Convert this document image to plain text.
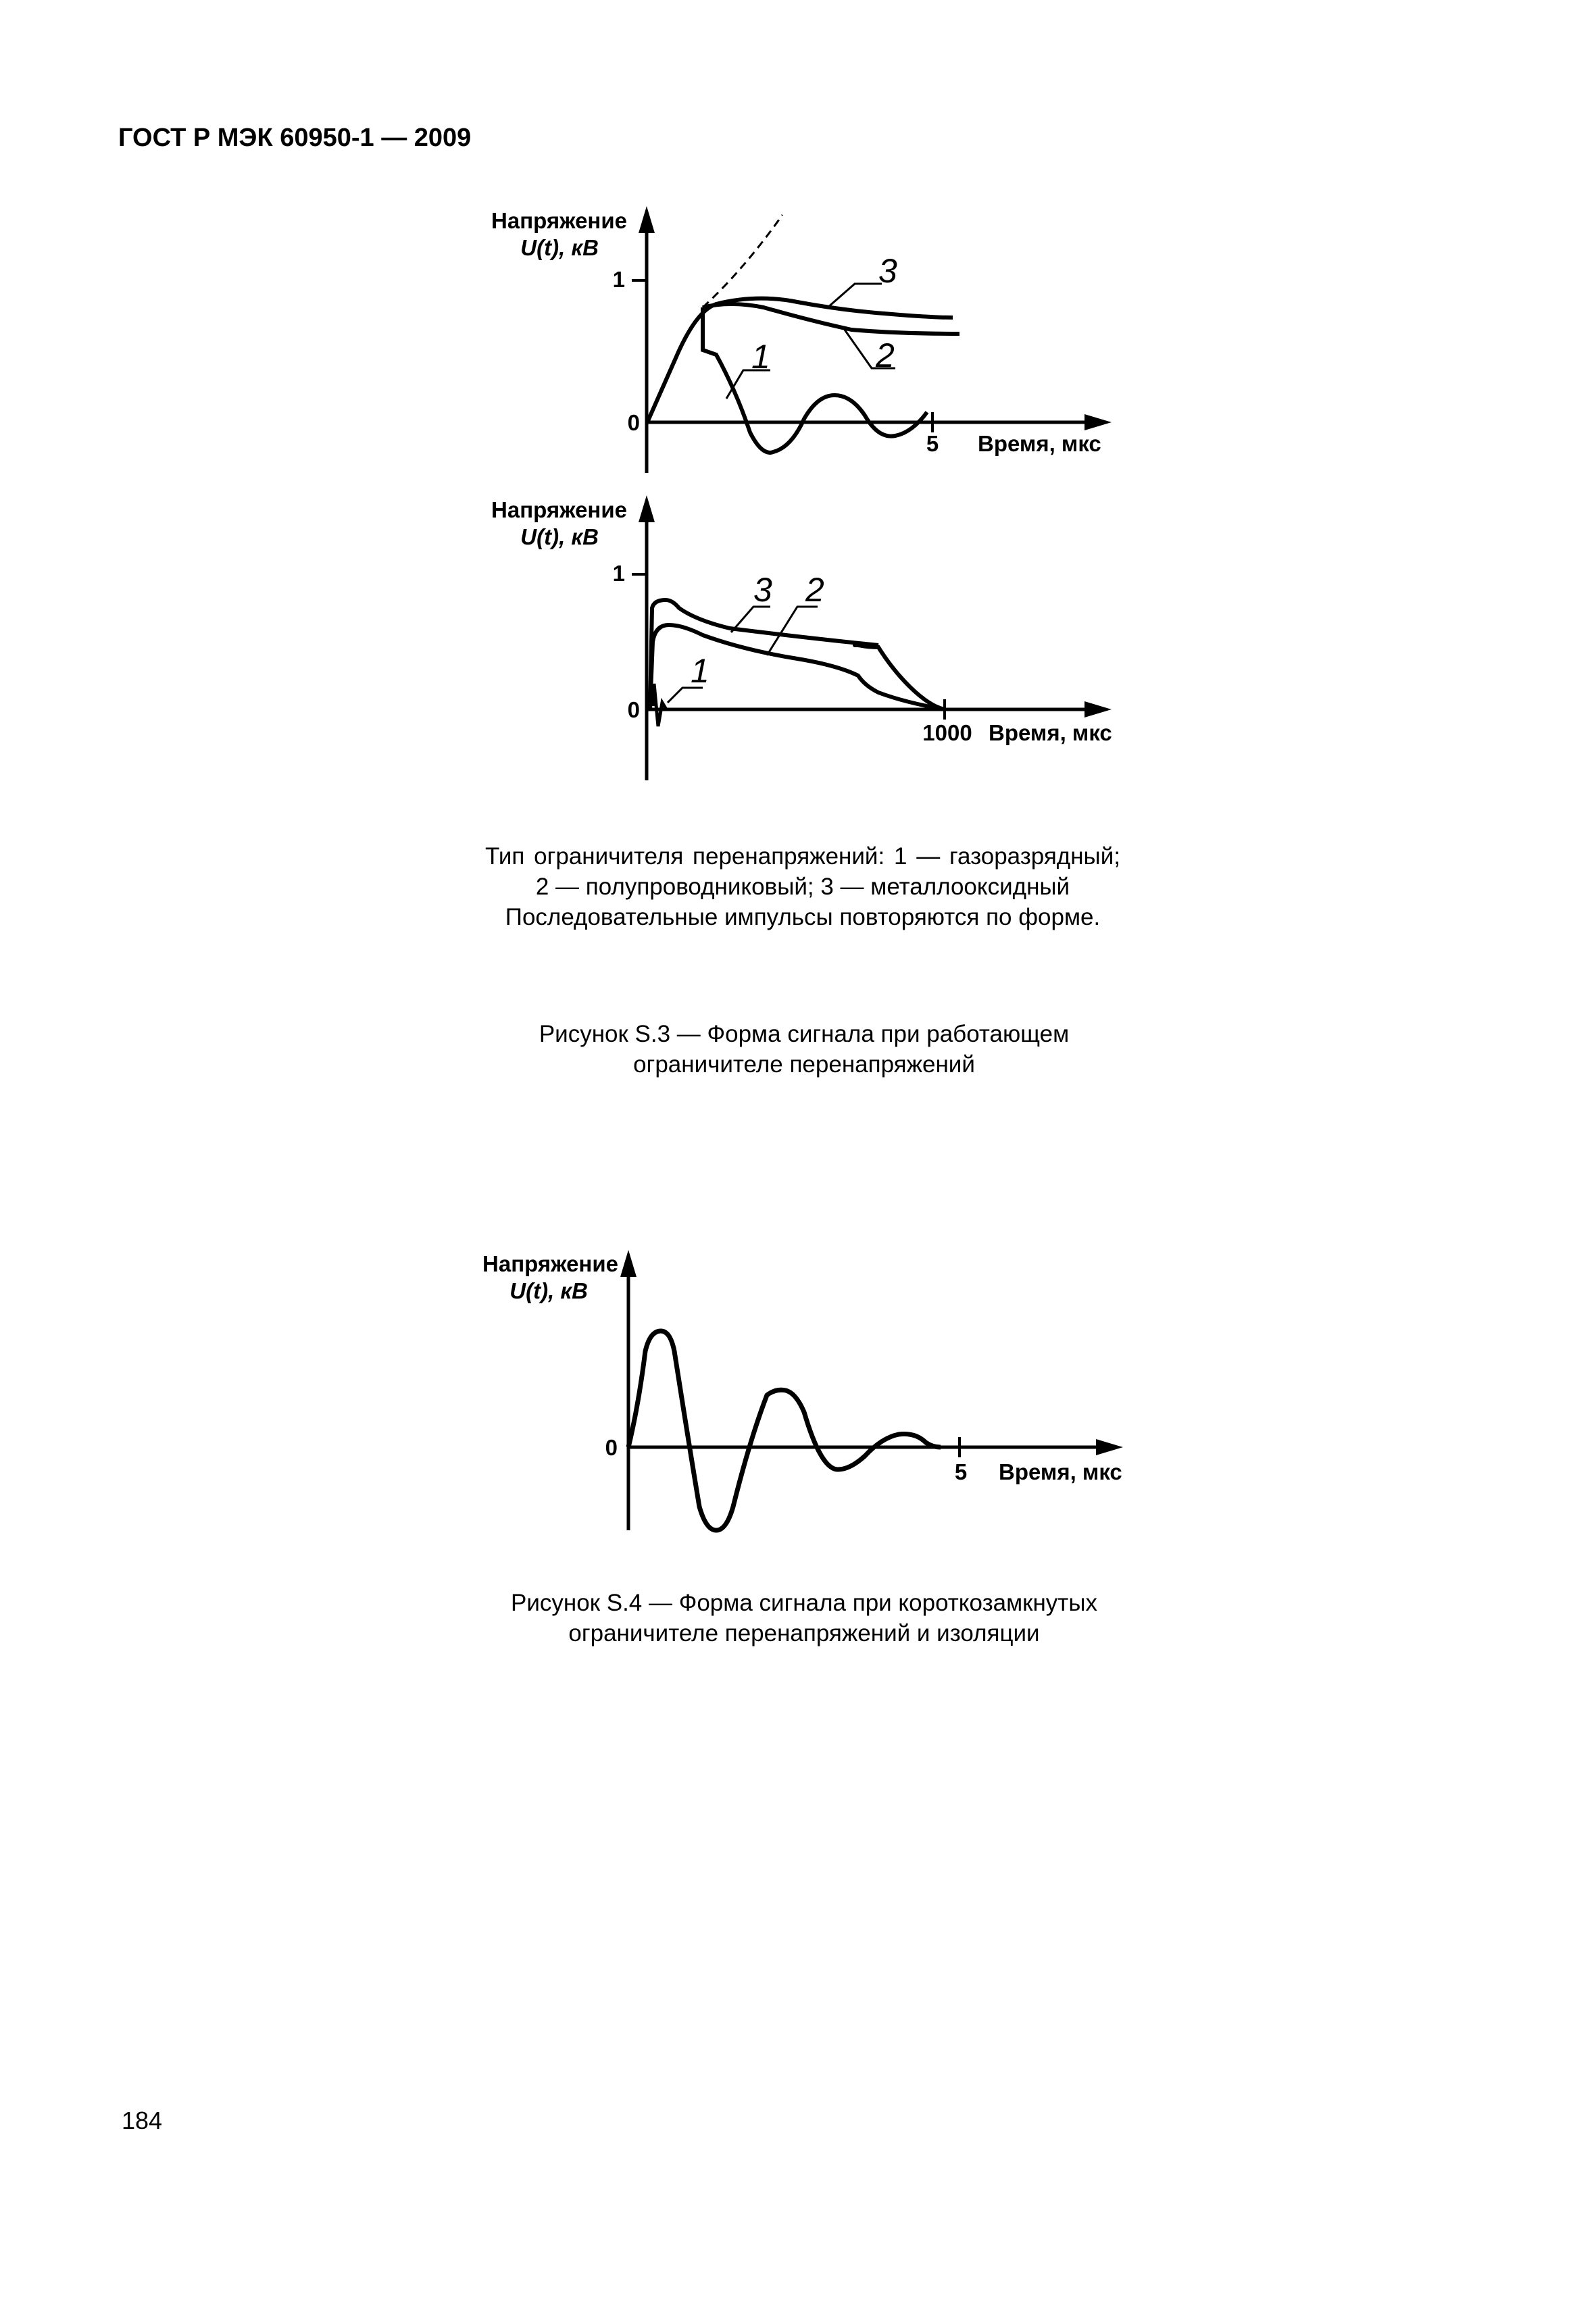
ГОСТ Р МЭК 60950-1 — 2009
Напряжение
U(t), кВ
1
0
5 Время, мкс
3
2
1
Напряжение
U(t), кВ
1
0
1000 Время, мкс
3 2
1

Тип ограничителя перенапряжений: 1 — газоразрядный; 2 — полупроводниковый; 3 — металлооксидный

Последовательные импульсы повторяются по форме.

Рисунок S.3 — Форма сигнала при работающем ограничителе перенапряжений
Напряжение
U(t), кВ
0
5 Время, мкс
Рисунок S.4 — Форма сигнала при короткозамкнутых ограничителе перенапряжений и изоляции
184
